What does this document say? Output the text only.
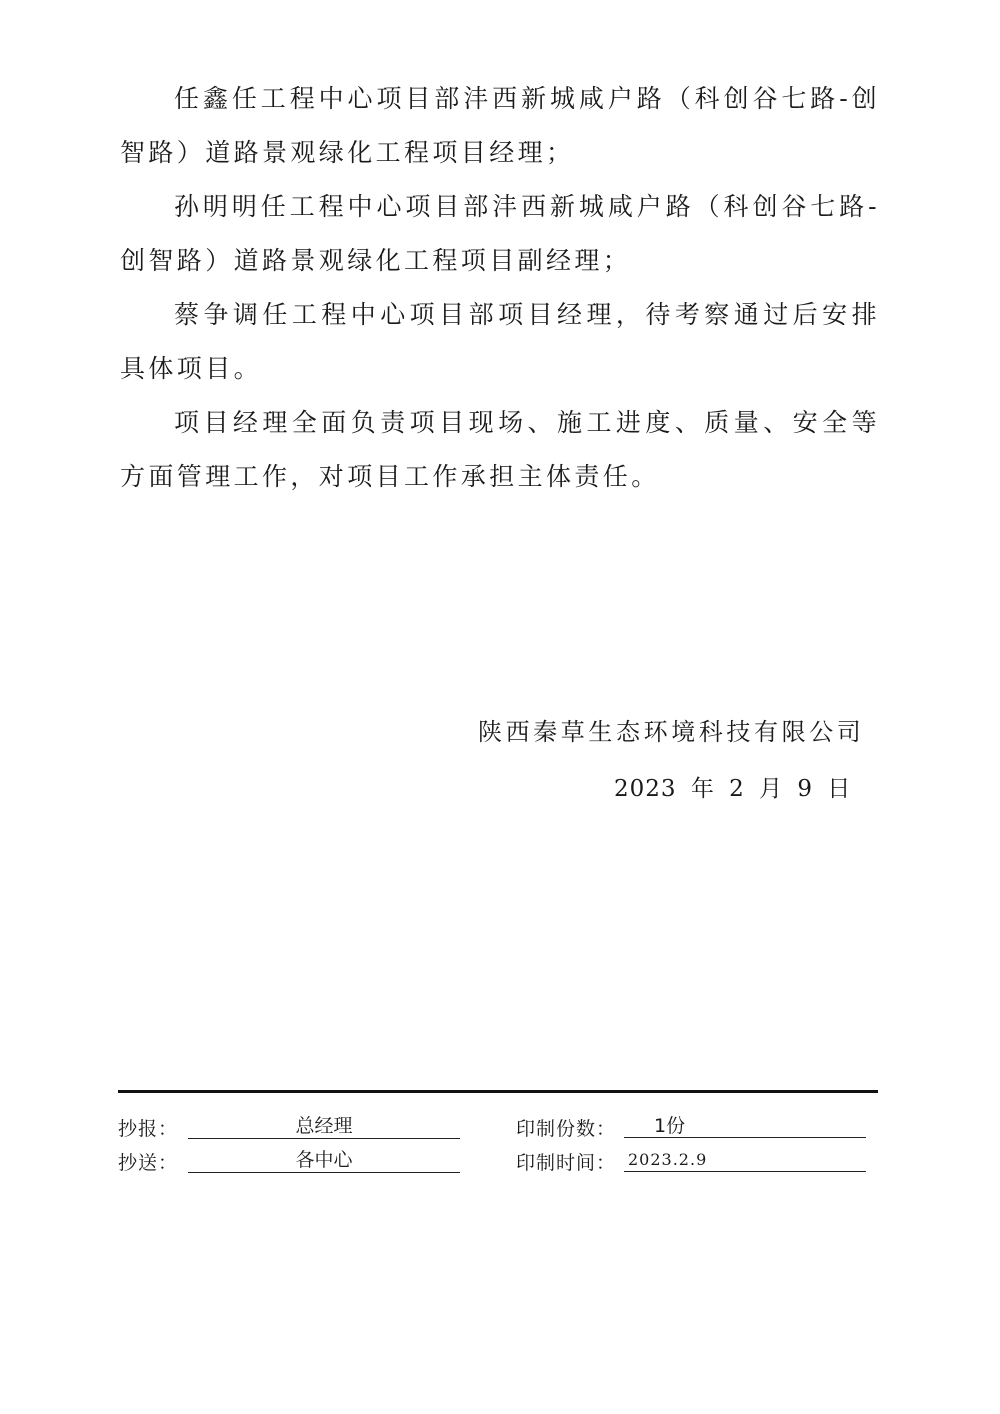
任鑫任工程中心项目部沣西新城咸户路（科创谷七路-创智路）道路景观绿化工程项目经理；

孙明明任工程中心项目部沣西新城咸户路（科创谷七路-创智路）道路景观绿化工程项目副经理；

蔡争调任工程中心项目部项目经理，待考察通过后安排具体项目。

项目经理全面负责项目现场、施工进度、质量、安全等方面管理工作，对项目工作承担主体责任。

陕西秦草生态环境科技有限公司
2023 年 2 月 9 日
抄报：	总经理	印制份数：	1份
抄送：	各中心	印制时间： 2023.2.9
